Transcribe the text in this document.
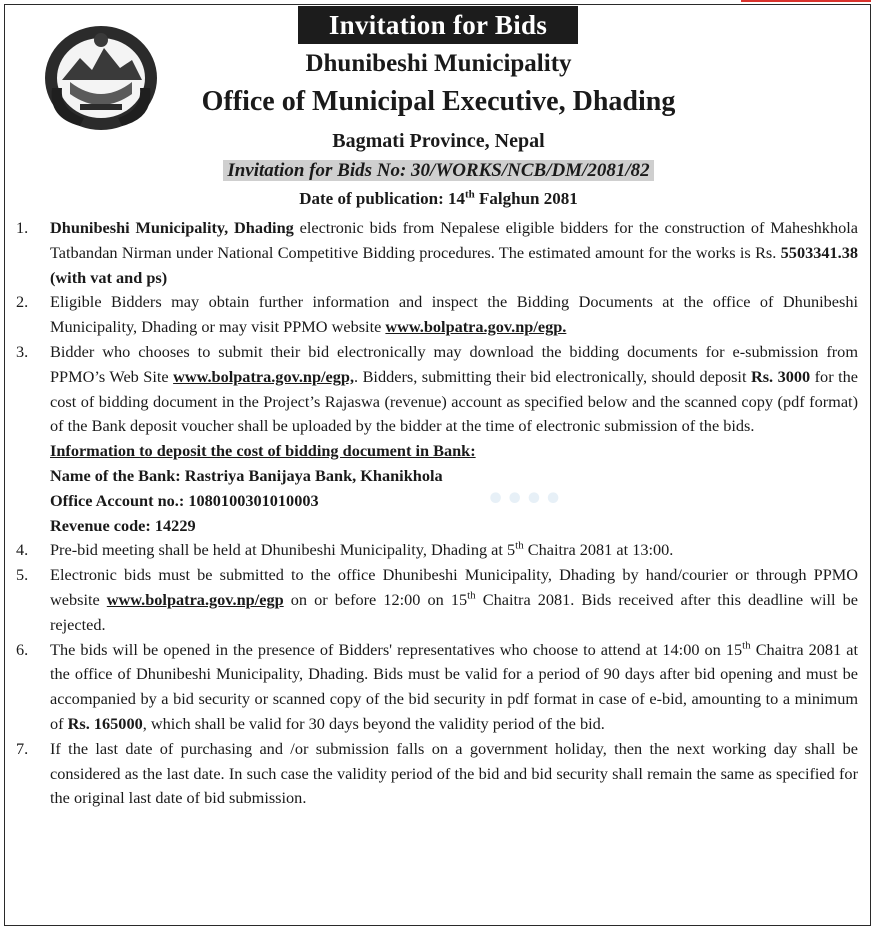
Invitation for Bids
Dhunibeshi Municipality
Office of Municipal Executive, Dhading
Bagmati Province, Nepal
Invitation for Bids No: 30/WORKS/NCB/DM/2081/82
Date of publication: 14th Falghun 2081
••••
1. Dhunibeshi Municipality, Dhading electronic bids from Nepalese eligible bidders for the construction of Maheshkhola Tatbandan Nirman under National Competitive Bidding procedures. The estimated amount for the works is Rs. 5503341.38 (with vat and ps)
2. Eligible Bidders may obtain further information and inspect the Bidding Documents at the office of Dhunibeshi Municipality, Dhading or may visit PPMO website www.bolpatra.gov.np/egp.
3. Bidder who chooses to submit their bid electronically may download the bidding documents for e-submission from PPMO’s Web Site www.bolpatra.gov.np/egp,. Bidders, submitting their bid electronically, should deposit Rs. 3000 for the cost of bidding document in the Project’s Rajaswa (revenue) account as specified below and the scanned copy (pdf format) of the Bank deposit voucher shall be uploaded by the bidder at the time of electronic submission of the bids.
Information to deposit the cost of bidding document in Bank:
Name of the Bank: Rastriya Banijaya Bank, Khanikhola
Office Account no.: 1080100301010003
Revenue code: 14229
4. Pre-bid meeting shall be held at Dhunibeshi Municipality, Dhading at 5th Chaitra 2081 at 13:00.
5. Electronic bids must be submitted to the office Dhunibeshi Municipality, Dhading by hand/courier or through PPMO website www.bolpatra.gov.np/egp on or before 12:00 on 15th Chaitra 2081. Bids received after this deadline will be rejected.
6. The bids will be opened in the presence of Bidders' representatives who choose to attend at 14:00 on 15th Chaitra 2081 at the office of Dhunibeshi Municipality, Dhading. Bids must be valid for a period of 90 days after bid opening and must be accompanied by a bid security or scanned copy of the bid security in pdf format in case of e-bid, amounting to a minimum of Rs. 165000, which shall be valid for 30 days beyond the validity period of the bid.
7. If the last date of purchasing and /or submission falls on a government holiday, then the next working day shall be considered as the last date. In such case the validity period of the bid and bid security shall remain the same as specified for the original last date of bid submission.
